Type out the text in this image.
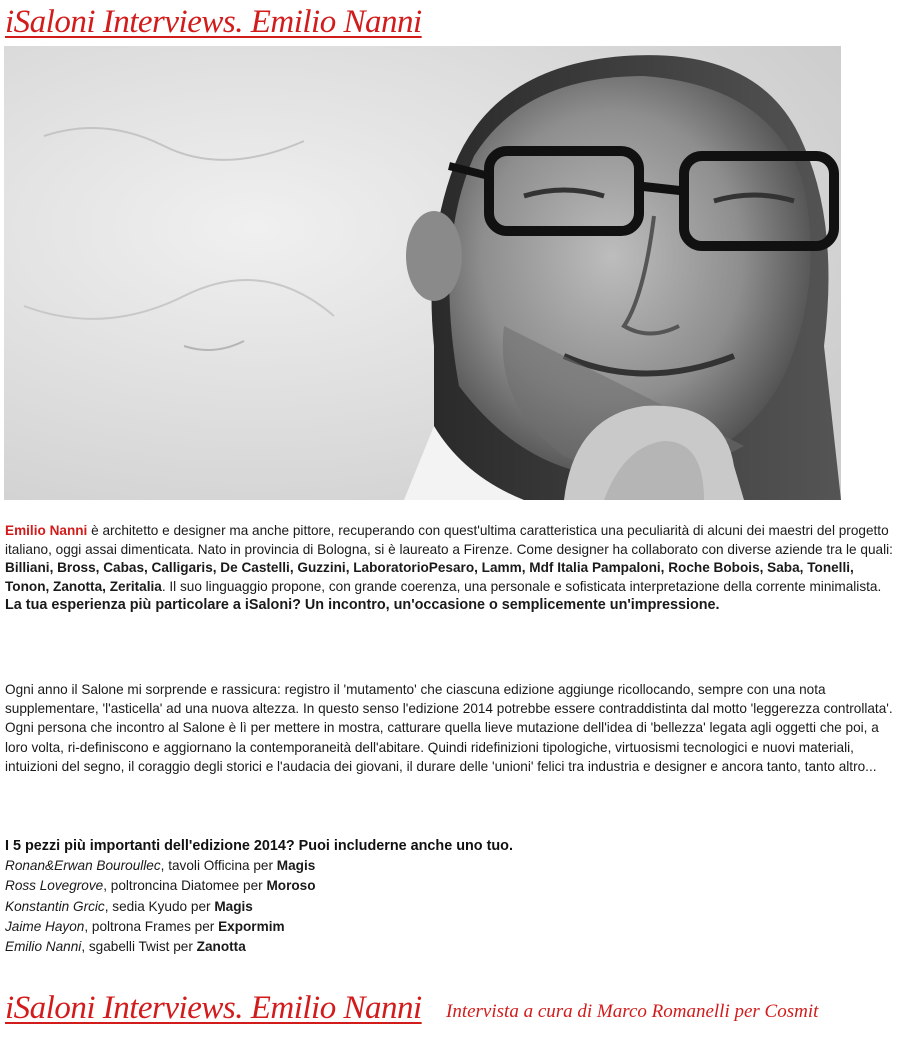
iSaloni Interviews. Emilio Nanni

Emilio Nanni è architetto e designer ma anche pittore, recuperando con quest'ultima caratteristica una peculiarità di alcuni dei maestri del progetto italiano, oggi assai dimenticata. Nato in provincia di Bologna, si è laureato a Firenze. Come designer ha collaborato con diverse aziende tra le quali: Billiani, Bross, Cabas, Calligaris, De Castelli, Guzzini, LaboratorioPesaro, Lamm, Mdf Italia Pampaloni, Roche Bobois, Saba, Tonelli, Tonon, Zanotta, Zeritalia. Il suo linguaggio propone, con grande coerenza, una personale e sofisticata interpretazione della corrente minimalista.

La tua esperienza più particolare a iSaloni? Un incontro, un'occasione o semplicemente un'impressione.

Ogni anno il Salone mi sorprende e rassicura: registro il 'mutamento' che ciascuna edizione aggiunge ricollocando, sempre con una nota supplementare, 'l'asticella' ad una nuova altezza. In questo senso l'edizione 2014 potrebbe essere contraddistinta dal motto 'leggerezza controllata'. Ogni persona che incontro al Salone è lì per mettere in mostra, catturare quella lieve mutazione dell'idea di 'bellezza' legata agli oggetti che poi, a loro volta, ri-definiscono e aggiornano la contemporaneità dell'abitare. Quindi ridefinizioni tipologiche, virtuosismi tecnologici e nuovi materiali, intuizioni del segno, il coraggio degli storici e l'audacia dei giovani, il durare delle 'unioni' felici tra industria e designer e ancora tanto, tanto altro...

I 5 pezzi più importanti dell'edizione 2014? Puoi includerne anche uno tuo.

Ronan&Erwan Bouroullec, tavoli Officina per Magis
Ross Lovegrove, poltroncina Diatomee per Moroso
Konstantin Grcic, sedia Kyudo per Magis
Jaime Hayon, poltrona Frames per Expormim
Emilio Nanni, sgabelli Twist per Zanotta
iSaloni Interviews. Emilio Nanni Intervista a cura di Marco Romanelli per Cosmit
